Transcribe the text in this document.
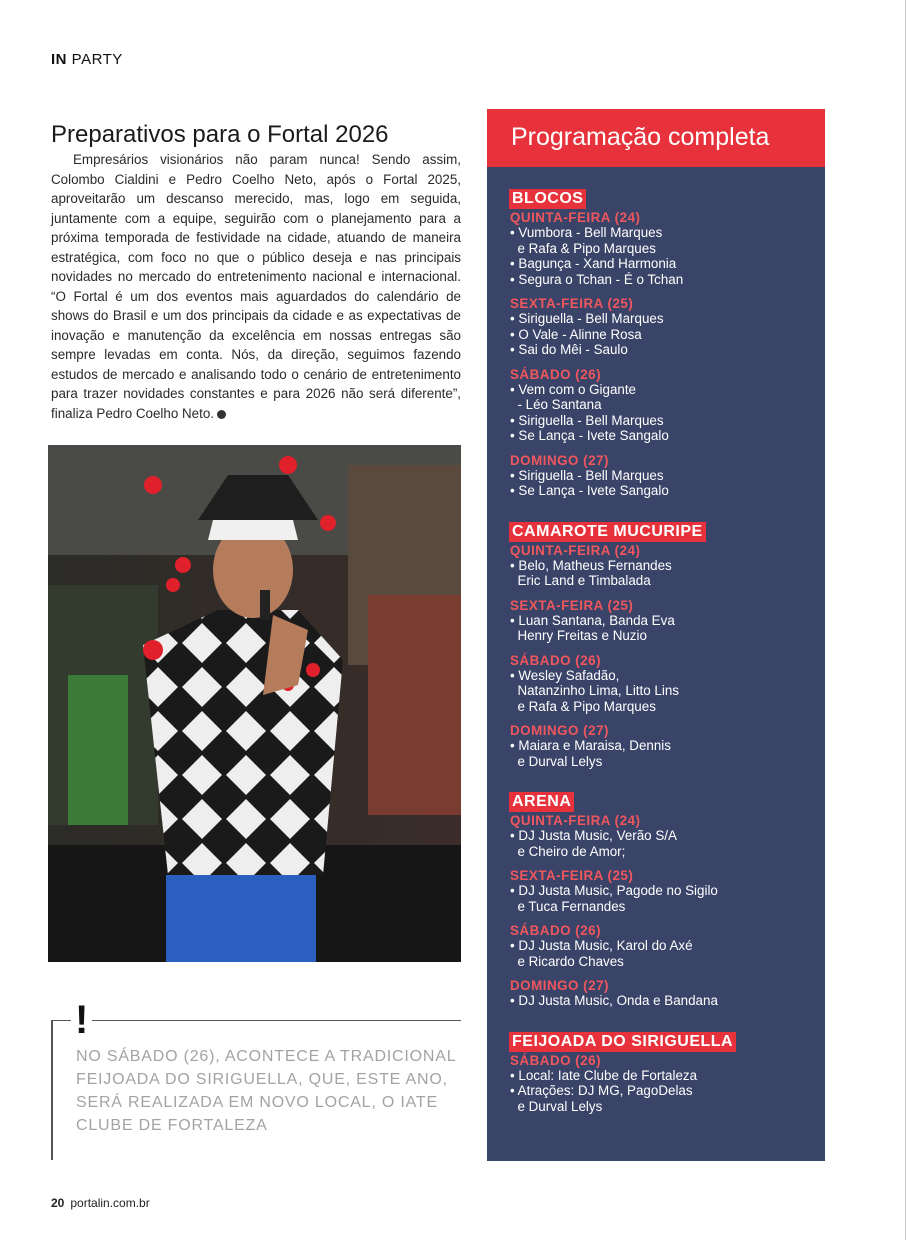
IN PARTY
Preparativos para o Fortal 2026

Empresários visionários não param nunca! Sendo assim, Colombo Cialdini e Pedro Coelho Neto, após o Fortal 2025, aproveitarão um descanso merecido, mas, logo em seguida, juntamente com a equipe, seguirão com o planejamento para a próxima temporada de festividade na cidade, atuando de maneira estratégica, com foco no que o público deseja e nas principais novidades no mercado do entretenimento nacional e internacional. “O Fortal é um dos eventos mais aguardados do calendário de shows do Brasil e um dos principais da cidade e as expectativas de inovação e manutenção da excelência em nossas entregas são sempre levadas em conta. Nós, da direção, seguimos fazendo estudos de mercado e analisando todo o cenário de entretenimento para trazer novidades constantes e para 2026 não será diferente”, finaliza Pedro Coelho Neto.

!

NO SÁBADO (26), ACONTECE A TRADICIONAL FEIJOADA DO SIRIGUELLA, QUE, ESTE ANO, SERÁ REALIZADA EM NOVO LOCAL, O IATE CLUBE DE FORTALEZA

20 portalin.com.br
Programação completa
BLOCOS
QUINTA-FEIRA (24)
• Vumbora - Bell Marques
e Rafa & Pipo Marques
• Bagunça - Xand Harmonia
• Segura o Tchan - É o Tchan
SEXTA-FEIRA (25)
• Siriguella - Bell Marques
• O Vale - Alinne Rosa
• Sai do Mêi - Saulo
SÁBADO (26)
• Vem com o Gigante
- Léo Santana
• Siriguella - Bell Marques
• Se Lança - Ivete Sangalo
DOMINGO (27)
• Siriguella - Bell Marques
• Se Lança - Ivete Sangalo
CAMAROTE MUCURIPE
QUINTA-FEIRA (24)
• Belo, Matheus Fernandes
Eric Land e Timbalada
SEXTA-FEIRA (25)
• Luan Santana, Banda Eva
Henry Freitas e Nuzio
SÁBADO (26)
• Wesley Safadão,
Natanzinho Lima, Litto Lins
e Rafa & Pipo Marques
DOMINGO (27)
• Maiara e Maraisa, Dennis
e Durval Lelys
ARENA
QUINTA-FEIRA (24)
• DJ Justa Music, Verão S/A
e Cheiro de Amor;
SEXTA-FEIRA (25)
• DJ Justa Music, Pagode no Sigilo
e Tuca Fernandes
SÁBADO (26)
• DJ Justa Music, Karol do Axé
e Ricardo Chaves
DOMINGO (27)
• DJ Justa Music, Onda e Bandana
FEIJOADA DO SIRIGUELLA
SÁBADO (26)
• Local: Iate Clube de Fortaleza
• Atrações: DJ MG, PagoDelas
e Durval Lelys
